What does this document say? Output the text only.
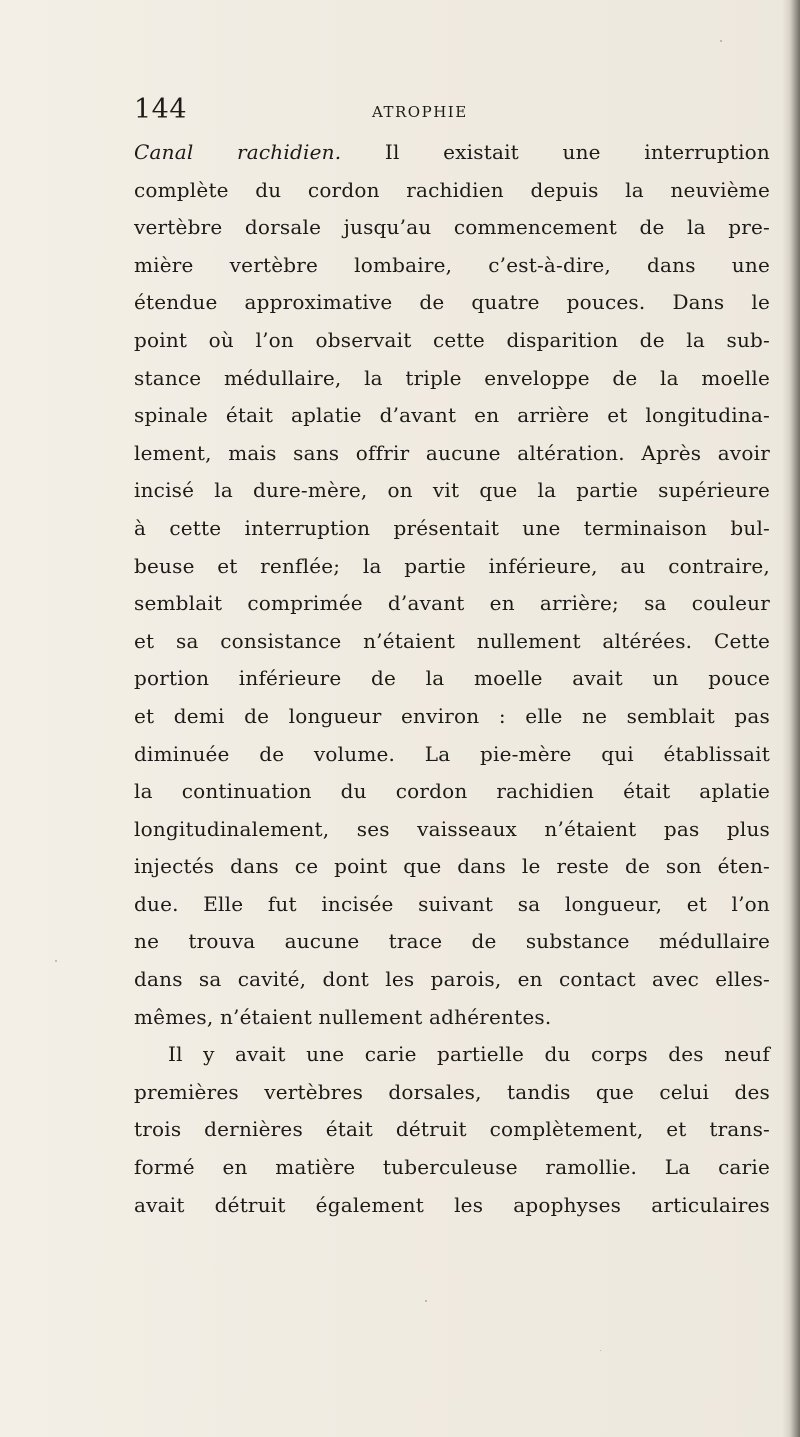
144	ATROPHIE
Canal rachidien. Il existait une interruption
complète du cordon rachidien depuis la neuvième
vertèbre dorsale jusqu’au commencement de la pre-
mière vertèbre lombaire, c’est-à-dire, dans une
étendue approximative de quatre pouces. Dans le
point où l’on observait cette disparition de la sub-
stance médullaire, la triple enveloppe de la moelle
spinale était aplatie d’avant en arrière et longitudina-
lement, mais sans offrir aucune altération. Après avoir
incisé la dure-mère, on vit que la partie supérieure
à cette interruption présentait une terminaison bul-
beuse et renflée; la partie inférieure, au contraire,
semblait comprimée d’avant en arrière; sa couleur
et sa consistance n’étaient nullement altérées. Cette
portion inférieure de la moelle avait un pouce
et demi de longueur environ : elle ne semblait pas
diminuée de volume. La pie-mère qui établissait
la continuation du cordon rachidien était aplatie
longitudinalement, ses vaisseaux n’étaient pas plus
injectés dans ce point que dans le reste de son éten-
due. Elle fut incisée suivant sa longueur, et l’on
ne trouva aucune trace de substance médullaire
dans sa cavité, dont les parois, en contact avec elles-
mêmes, n’étaient nullement adhérentes.
Il y avait une carie partielle du corps des neuf
premières vertèbres dorsales, tandis que celui des
trois dernières était détruit complètement, et trans-
formé en matière tuberculeuse ramollie. La carie
avait détruit également les apophyses articulaires
